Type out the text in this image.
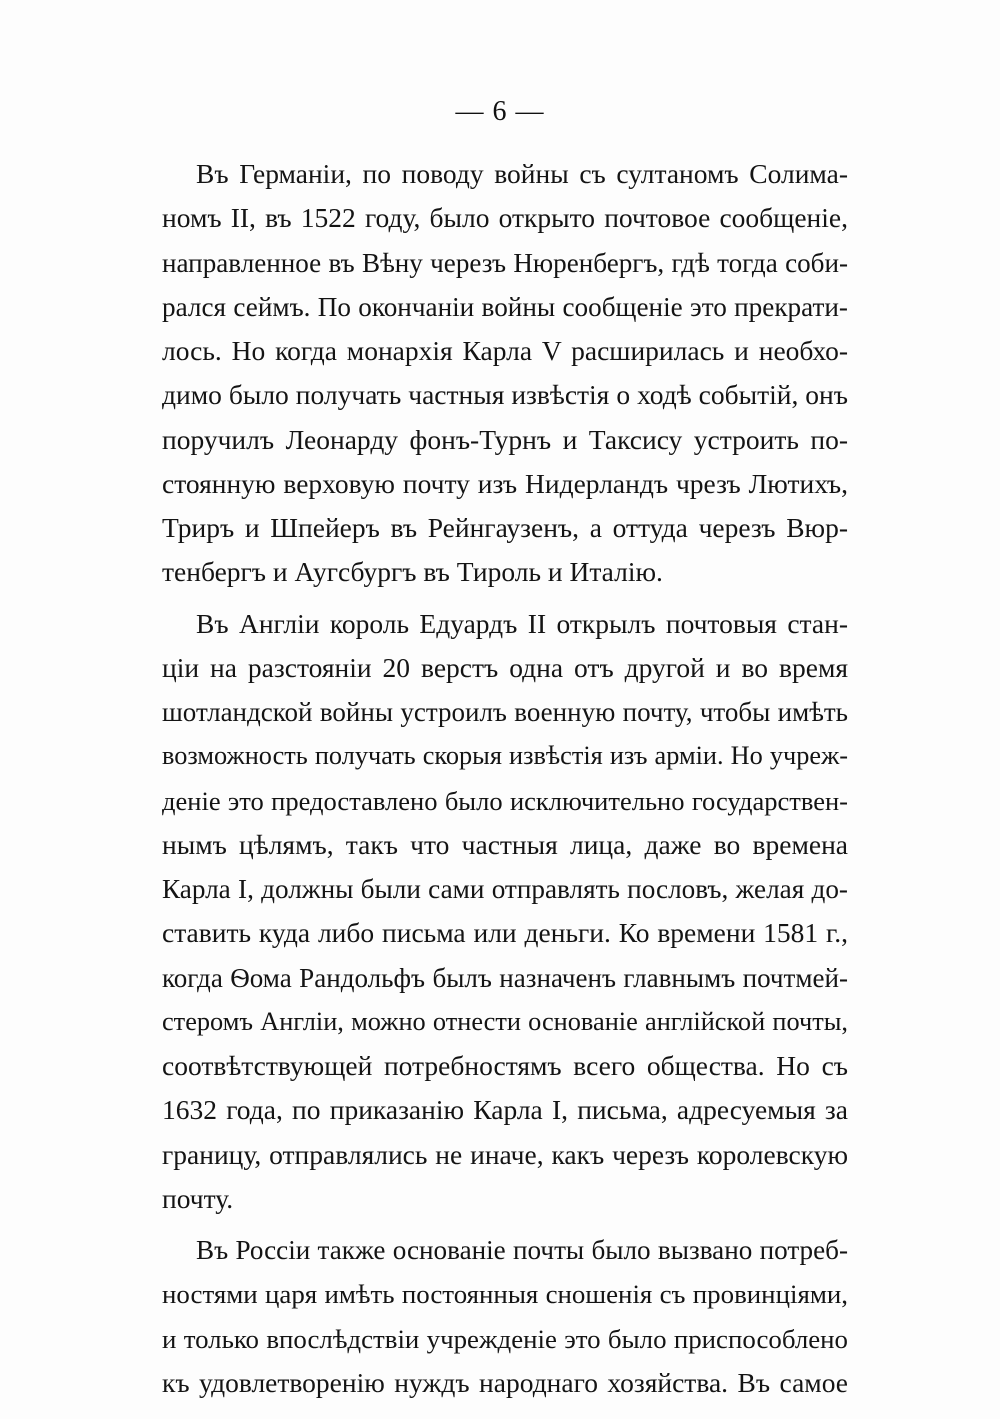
— 6 —
Въ Германіи, по поводу войны съ султаномъ Солима-
номъ II, въ 1522 году, было открыто почтовое сообщеніе,
направленное въ Вѣну черезъ Нюренбергъ, гдѣ тогда соби-
рался сеймъ. По окончаніи войны сообщеніе это прекрати-
лось. Но когда монархія Карла V расширилась и необхо-
димо было получать частныя извѣстія о ходѣ событій, онъ
поручилъ Леонарду фонъ-Турнъ и Таксису устроить по-
стоянную верховую почту изъ Нидерландъ чрезъ Лютихъ,
Триръ и Шпейеръ въ Рейнгаузенъ, а оттуда черезъ Вюр-
тенбергъ и Аугсбургъ въ Тироль и Италію.
Въ Англіи король Едуардъ II открылъ почтовыя стан-
ціи на разстояніи 20 верстъ одна отъ другой и во время
шотландской войны устроилъ военную почту, чтобы имѣть
возможность получать скорыя извѣстія изъ арміи. Но учреж-
деніе это предоставлено было исключительно государствен-
нымъ цѣлямъ, такъ что частныя лица, даже во времена
Карла I, должны были сами отправлять пословъ, желая до-
ставить куда либо письма или деньги. Ко времени 1581 г.,
когда Ѳома Рандольфъ былъ назначенъ главнымъ почтмей-
стеромъ Англіи, можно отнести основаніе англійской почты,
соотвѣтствующей потребностямъ всего общества. Но съ
1632 года, по приказанію Карла I, письма, адресуемыя за
границу, отправлялись не иначе, какъ черезъ королевскую
почту.
Въ Россіи также основаніе почты было вызвано потреб-
ностями царя имѣть постоянныя сношенія съ провинціями,
и только впослѣдствіи учрежденіе это было приспособлено
къ удовлетворенію нуждъ народнаго хозяйства. Въ самое
